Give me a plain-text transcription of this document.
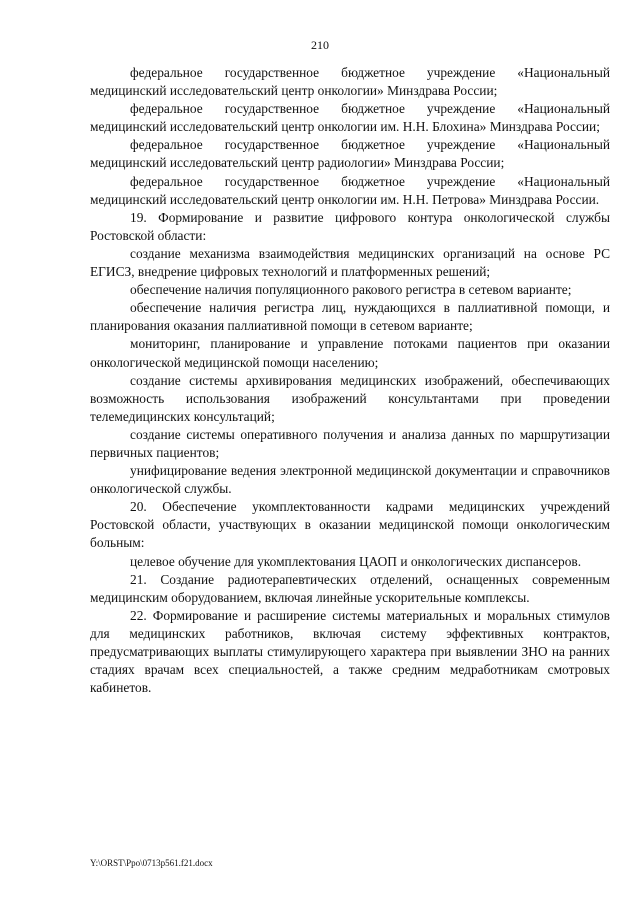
210

федеральное государственное бюджетное учреждение «Национальный медицинский исследовательский центр онкологии» Минздрава России;

федеральное государственное бюджетное учреждение «Национальный медицинский исследовательский центр онкологии им. Н.Н. Блохина» Минздрава России;

федеральное государственное бюджетное учреждение «Национальный медицинский исследовательский центр радиологии» Минздрава России;

федеральное государственное бюджетное учреждение «Национальный медицинский исследовательский центр онкологии им. Н.Н. Петрова» Минздрава России.

19. Формирование и развитие цифрового контура онкологической службы Ростовской области:

создание механизма взаимодействия медицинских организаций на основе РС ЕГИСЗ, внедрение цифровых технологий и платформенных решений;

обеспечение наличия популяционного ракового регистра в сетевом варианте;

обеспечение наличия регистра лиц, нуждающихся в паллиативной помощи, и планирования оказания паллиативной помощи в сетевом варианте;

мониторинг, планирование и управление потоками пациентов при оказании онкологической медицинской помощи населению;

создание системы архивирования медицинских изображений, обеспечивающих возможность использования изображений консультантами при проведении телемедицинских консультаций;

создание системы оперативного получения и анализа данных по маршрутизации первичных пациентов;

унифицирование ведения электронной медицинской документации и справочников онкологической службы.

20. Обеспечение укомплектованности кадрами медицинских учреждений Ростовской области, участвующих в оказании медицинской помощи онкологическим больным:

целевое обучение для укомплектования ЦАОП и онкологических диспансеров.

21. Создание радиотерапевтических отделений, оснащенных современным медицинским оборудованием, включая линейные ускорительные комплексы.

22. Формирование и расширение системы материальных и моральных стимулов для медицинских работников, включая систему эффективных контрактов, предусматривающих выплаты стимулирующего характера при выявлении ЗНО на ранних стадиях врачам всех специальностей, а также средним медработникам смотровых кабинетов.

Y:\ORST\Ppo\0713p561.f21.docx
